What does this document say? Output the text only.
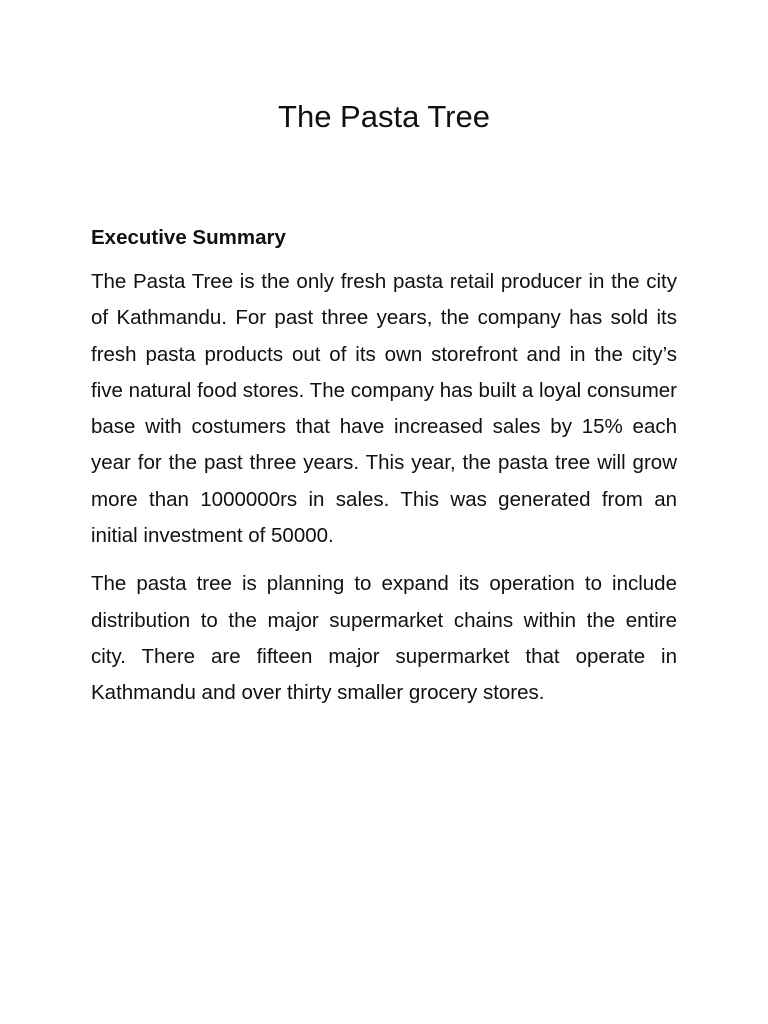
The Pasta Tree
Executive Summary

The Pasta Tree is the only fresh pasta retail producer in the city of Kathmandu. For past three years, the company has sold its fresh pasta products out of its own storefront and in the city’s five natural food stores. The company has built a loyal consumer base with costumers that have increased sales by 15% each year for the past three years. This year, the pasta tree will grow more than 1000000rs in sales. This was generated from an initial investment of 50000.

The pasta tree is planning to expand its operation to include distribution to the major supermarket chains within the entire city. There are fifteen major supermarket that operate in Kathmandu and over thirty smaller grocery stores.
